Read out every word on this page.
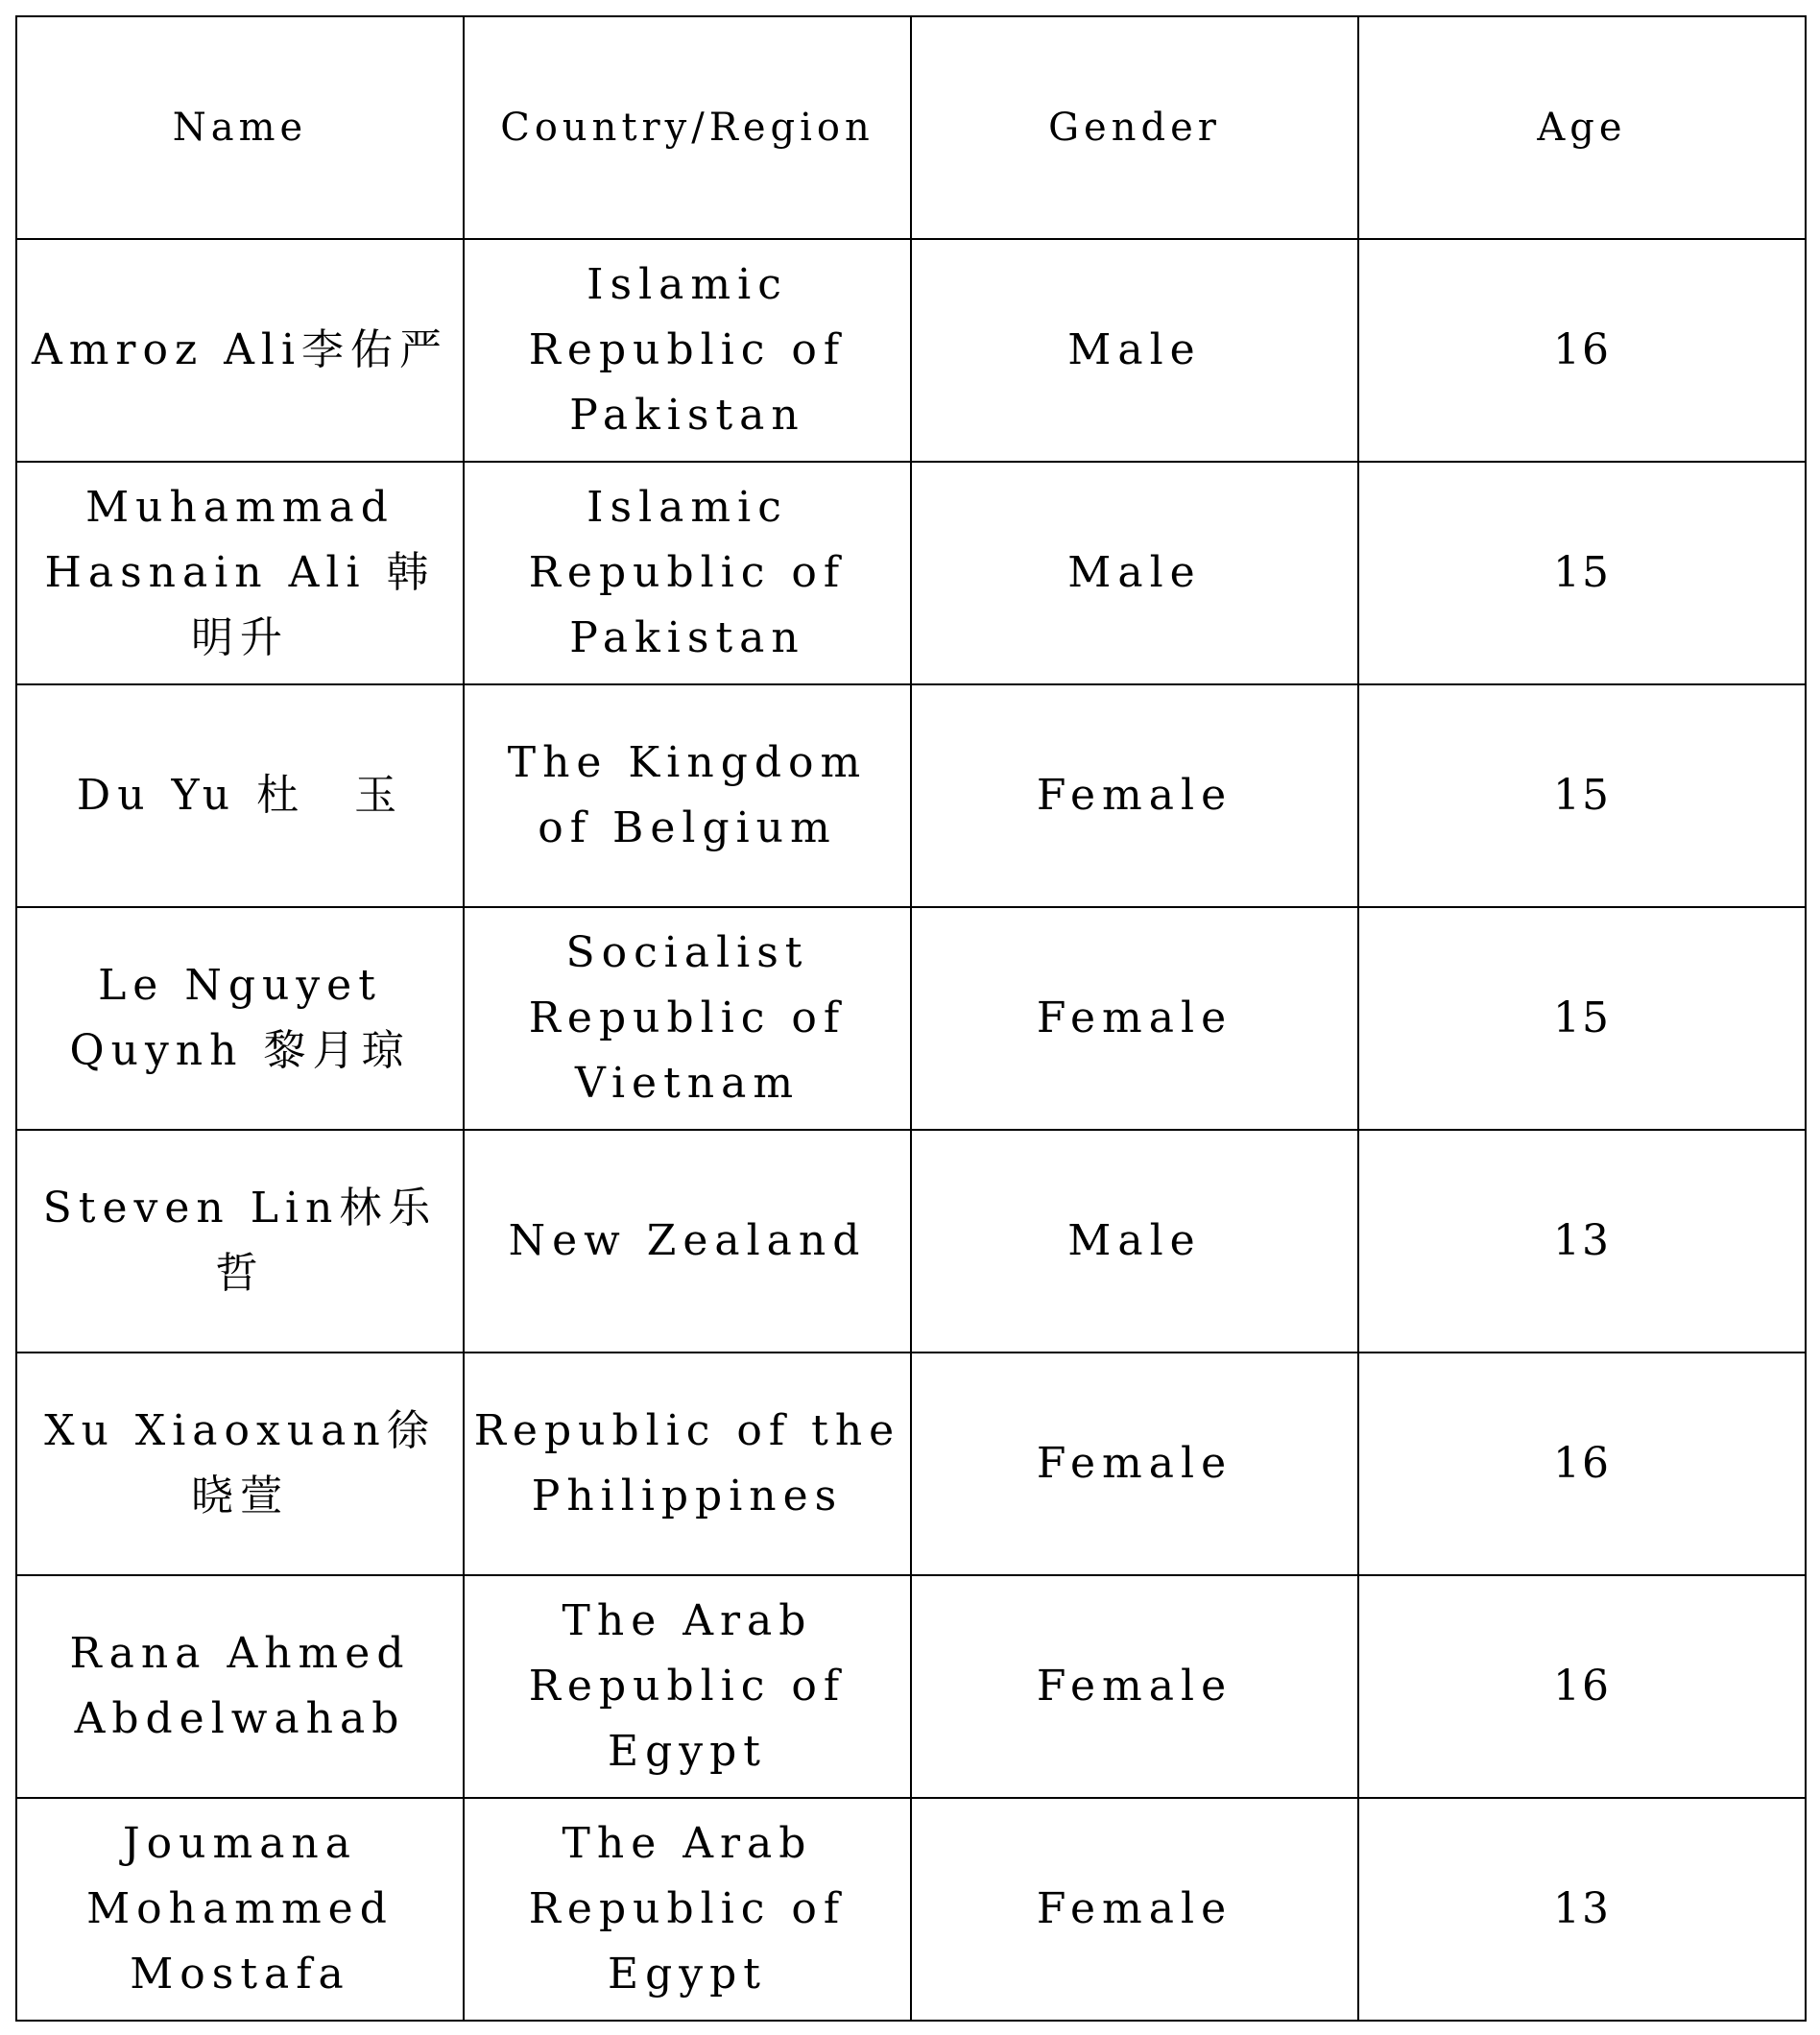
Name	Country/Region	Gender	Age
Amroz Ali李佑严	Islamic Republic of Pakistan	Male	16
Muhammad Hasnain Ali 韩明升	Islamic Republic of Pakistan	Male	15
Du Yu 杜　玉	The Kingdom of Belgium	Female	15
Le Nguyet Quynh 黎月琼	Socialist Republic of Vietnam	Female	15
Steven Lin林乐哲	New Zealand	Male	13
Xu Xiaoxuan徐晓萱	Republic of the Philippines	Female	16
Rana Ahmed Abdelwahab	The Arab Republic of Egypt	Female	16
Joumana Mohammed Mostafa	The Arab Republic of Egypt	Female	13
